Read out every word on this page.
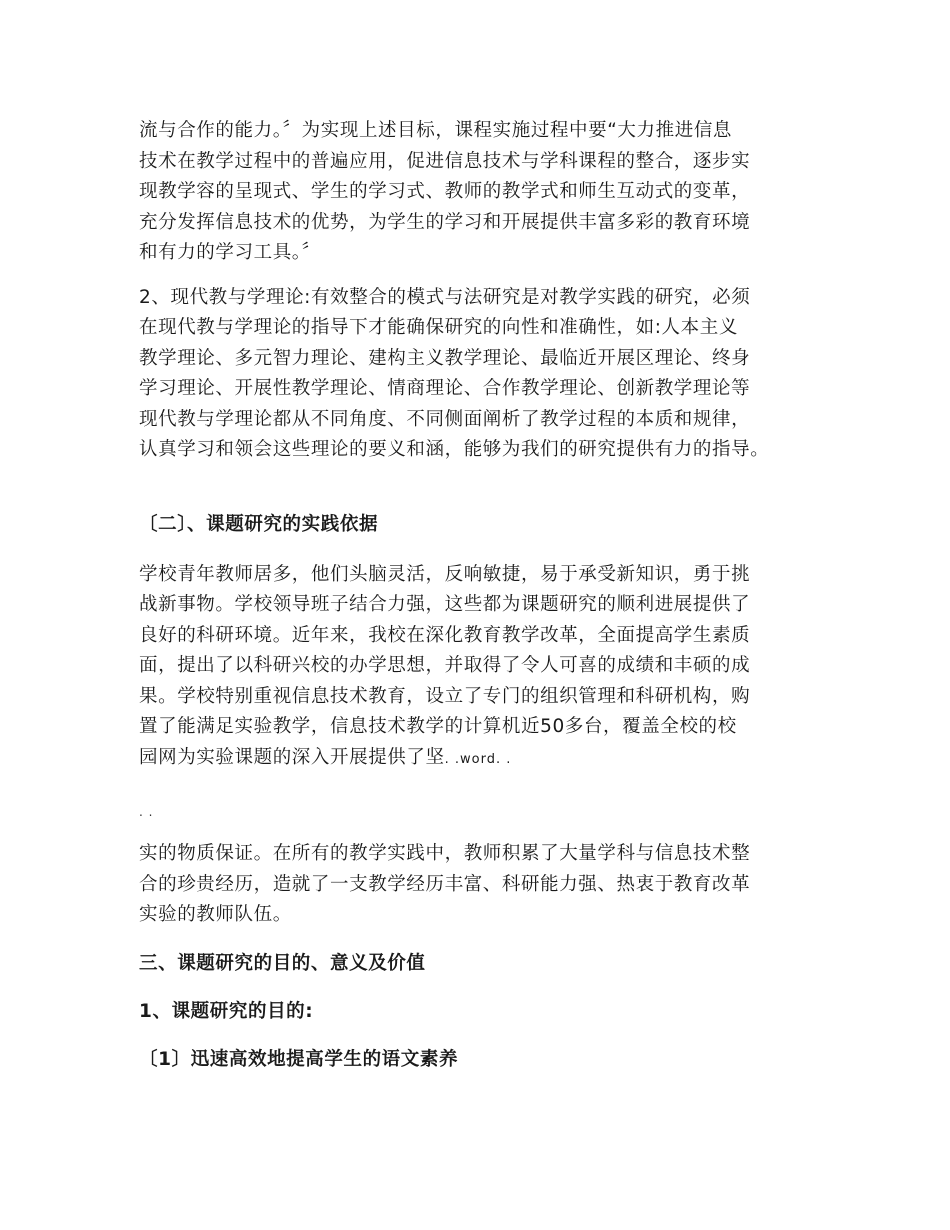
流与合作的能力。〞为实现上述目标，课程实施过程中要“大力推进信息
技术在教学过程中的普遍应用，促进信息技术与学科课程的整合，逐步实
现教学容的呈现式、学生的学习式、教师的教学式和师生互动式的变革，
充分发挥信息技术的优势，为学生的学习和开展提供丰富多彩的教育环境
和有力的学习工具。〞

2、现代教与学理论:有效整合的模式与法研究是对教学实践的研究，必须
在现代教与学理论的指导下才能确保研究的向性和准确性，如:人本主义
教学理论、多元智力理论、建构主义教学理论、最临近开展区理论、终身
学习理论、开展性教学理论、情商理论、合作教学理论、创新教学理论等
现代教与学理论都从不同角度、不同侧面阐析了教学过程的本质和规律，
认真学习和领会这些理论的要义和涵，能够为我们的研究提供有力的指导。

〔二〕、课题研究的实践依据

学校青年教师居多，他们头脑灵活，反响敏捷，易于承受新知识，勇于挑
战新事物。学校领导班子结合力强，这些都为课题研究的顺利进展提供了
良好的科研环境。近年来，我校在深化教育教学改革，全面提高学生素质
面，提出了以科研兴校的办学思想，并取得了令人可喜的成绩和丰硕的成
果。学校特别重视信息技术教育，设立了专门的组织管理和科研机构，购
置了能满足实验教学，信息技术教学的计算机近50多台，覆盖全校的校
园网为实验课题的深入开展提供了坚. .word. .

. .

实的物质保证。在所有的教学实践中，教师积累了大量学科与信息技术整
合的珍贵经历，造就了一支教学经历丰富、科研能力强、热衷于教育改革
实验的教师队伍。

三、课题研究的目的、意义及价值
1、课题研究的目的:
〔1〕迅速高效地提高学生的语文素养
